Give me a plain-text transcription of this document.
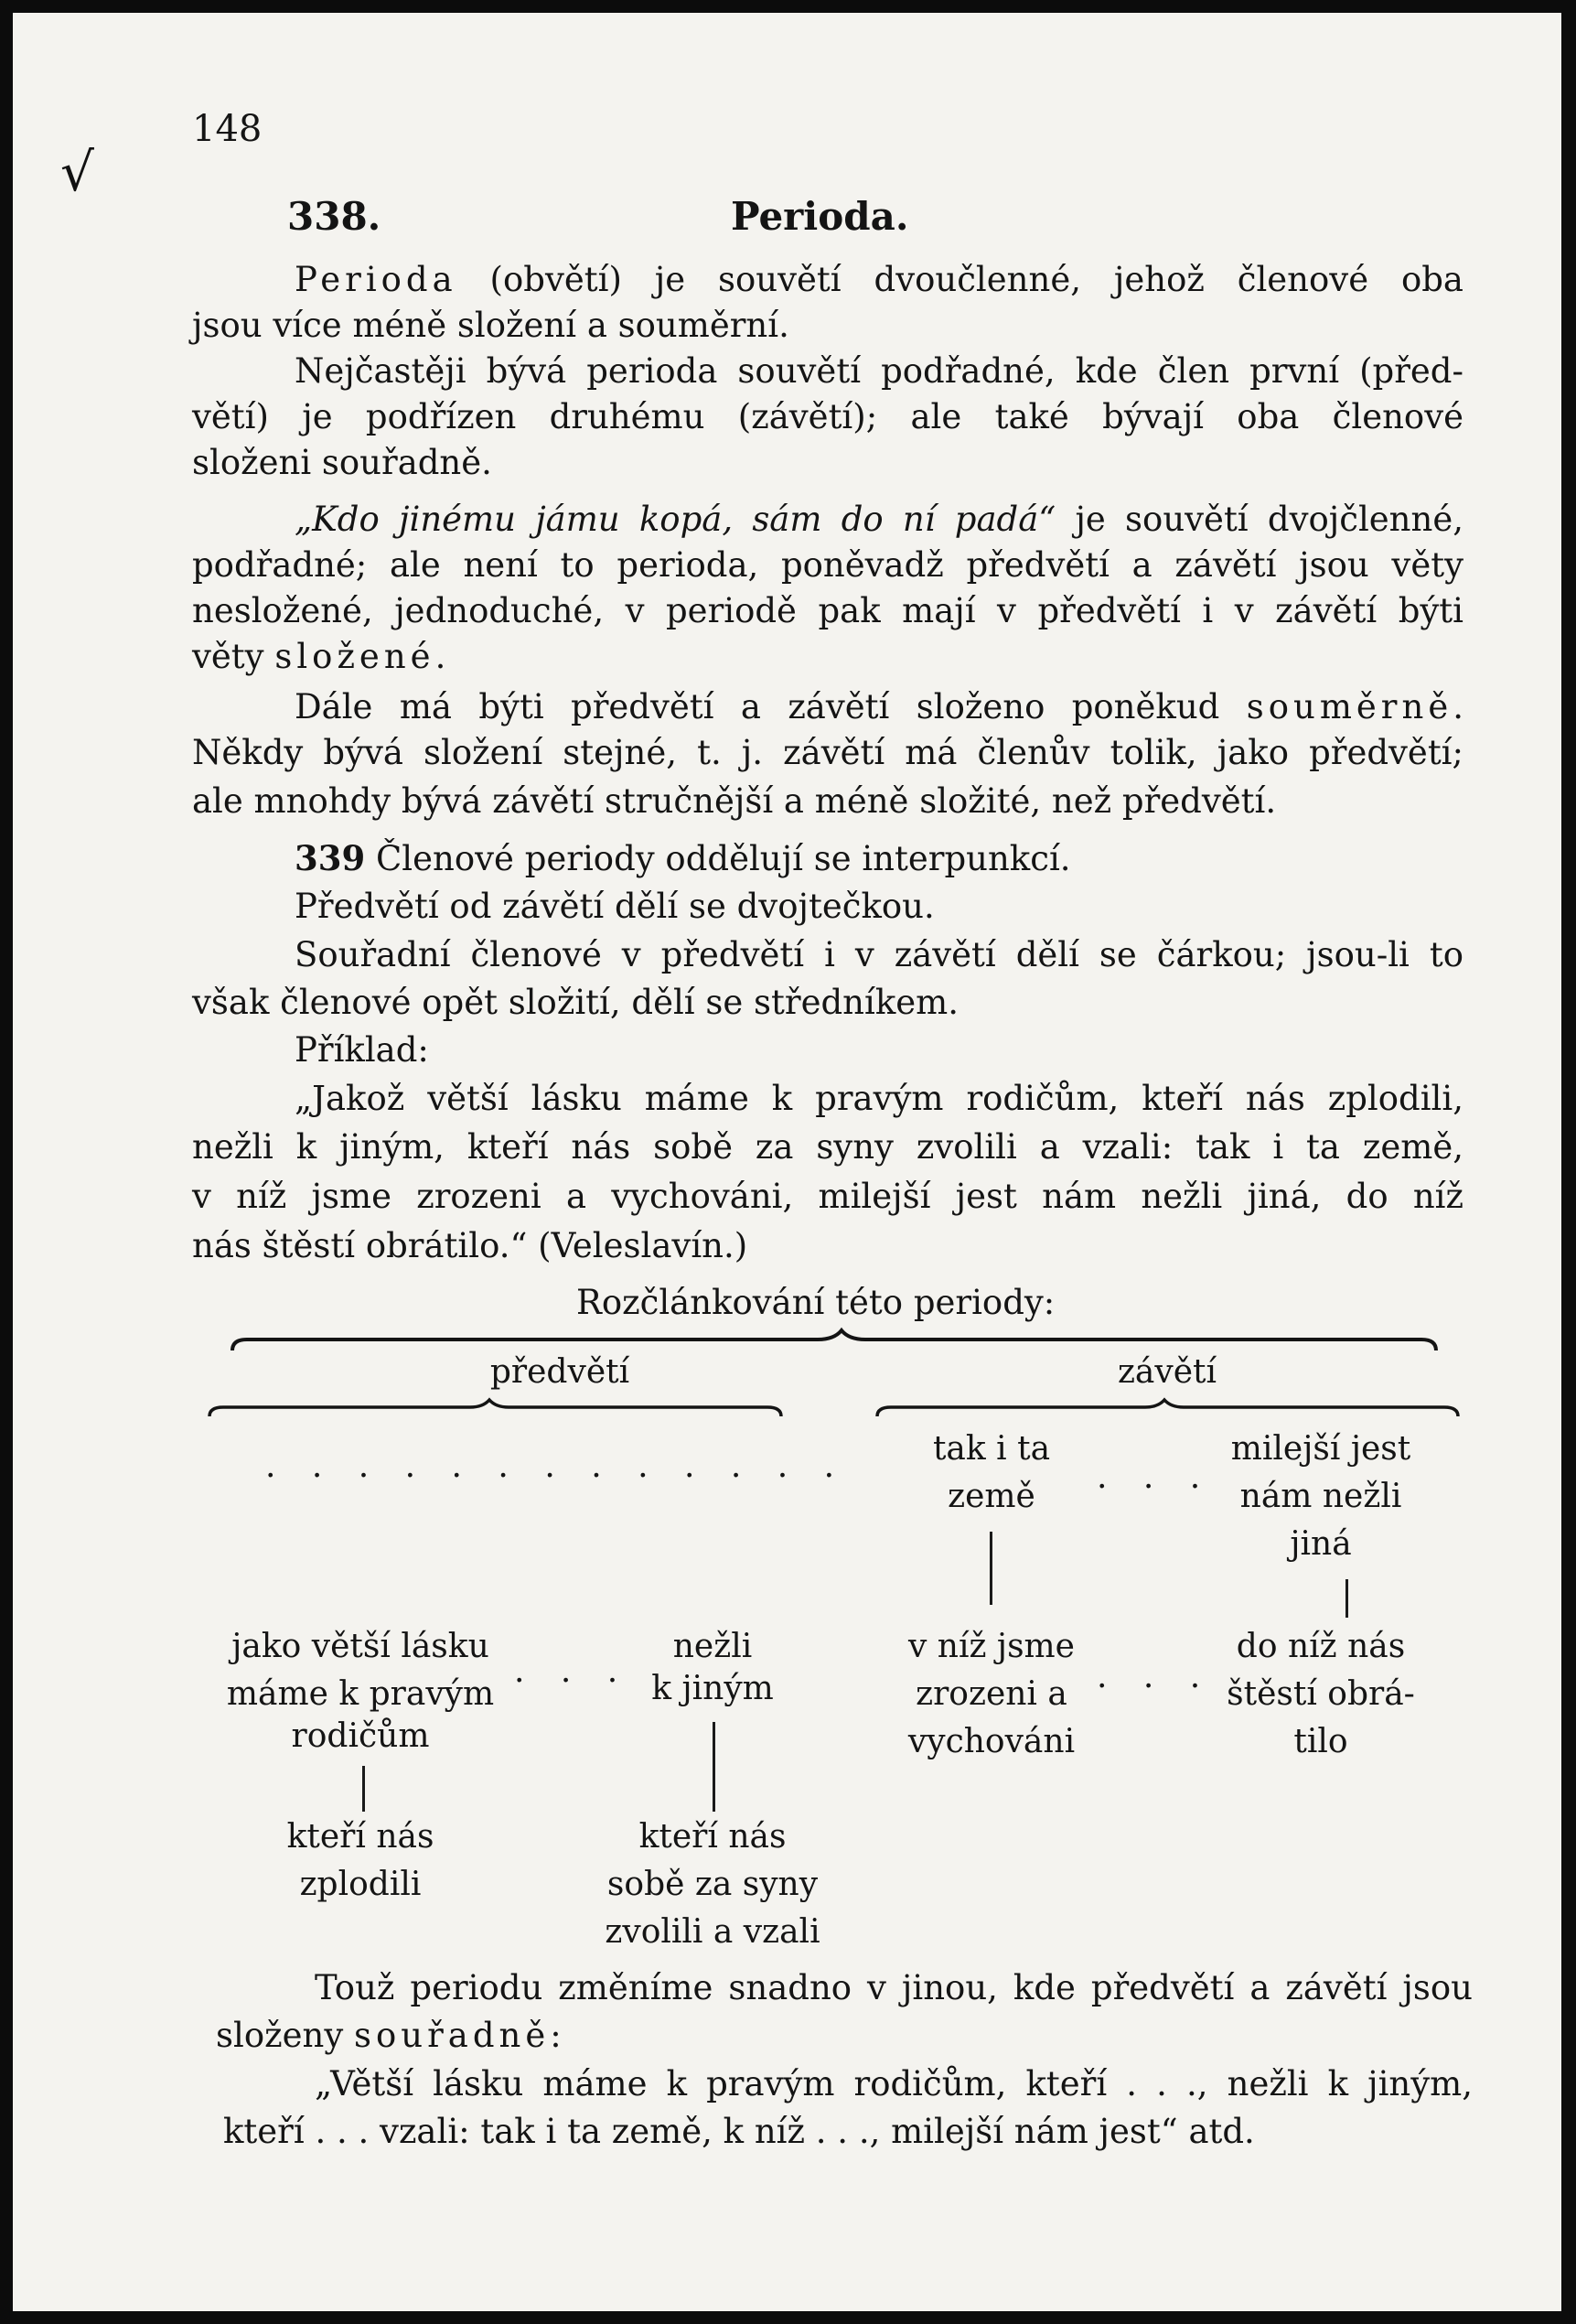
148
√
338.	Perioda.
Perioda (obvětí) je souvětí dvoučlenné, jehož členové oba
jsou více méně složení a souměrní.
Nejčastěji bývá perioda souvětí podřadné, kde člen první (před-
větí) je podřízen druhému (závětí); ale také bývají oba členové
složeni souřadně.
„Kdo jinému jámu kopá, sám do ní padá“ je souvětí dvojčlenné,
podřadné; ale není to perioda, poněvadž předvětí a závětí jsou věty
nesložené, jednoduché, v periodě pak mají v předvětí i v závětí býti
věty složené.
Dále má býti předvětí a závětí složeno poněkud souměrně.
Někdy bývá složení stejné, t. j. závětí má členův tolik, jako předvětí;
ale mnohdy bývá závětí stručnější a méně složité, než předvětí.
339 Členové periody oddělují se interpunkcí.
Předvětí od závětí dělí se dvojtečkou.
Souřadní členové v předvětí i v závětí dělí se čárkou; jsou-li to
však členové opět složití, dělí se středníkem.
Příklad:
„Jakož větší lásku máme k pravým rodičům, kteří nás zplodili,
nežli k jiným, kteří nás sobě za syny zvolili a vzali: tak i ta země,
v níž jsme zrozeni a vychováni, milejší jest nám nežli jiná, do níž
nás štěstí obrátilo.“ (Veleslavín.)
Rozčlánkování této periody:
předvětí	závětí
. . . . . . . . . . . . .	tak i ta
země
. . .
milejší jest
nám nežli
jiná
jako větší lásku
máme k pravým
rodičům
. . .
nežli
k jiným
v níž jsme
zrozeni a
vychováni
. . .
do níž nás
štěstí obrá-
tilo
kteří nás
zplodili
kteří nás
sobě za syny
zvolili a vzali
Touž periodu změníme snadno v jinou, kde předvětí a závětí jsou
složeny souřadně:
„Větší lásku máme k pravým rodičům, kteří . . ., nežli k jiným,
kteří . . . vzali: tak i ta země, k níž . . ., milejší nám jest“ atd.
